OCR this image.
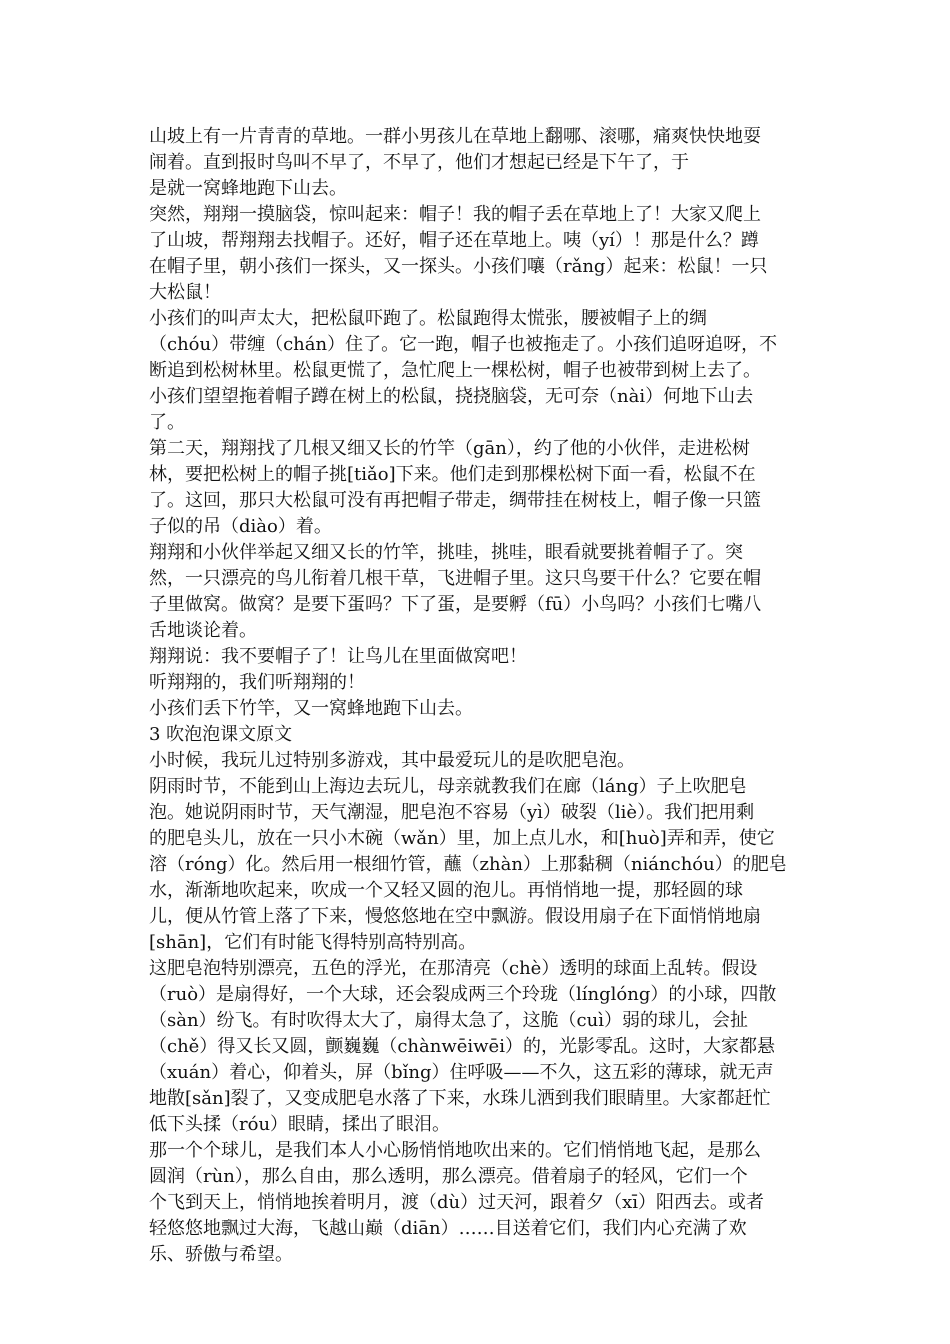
山坡上有一片青青的草地。一群小男孩儿在草地上翻哪、滚哪，痛爽快快地耍
闹着。直到报时鸟叫不早了，不早了，他们才想起已经是下午了，于

是就一窝蜂地跑下山去。

突然，翔翔一摸脑袋，惊叫起来：帽子！我的帽子丢在草地上了！大家又爬上
了山坡，帮翔翔去找帽子。还好，帽子还在草地上。咦（yí）！那是什么？蹲
在帽子里，朝小孩们一探头，又一探头。小孩们嚷（rǎng）起来：松鼠！一只
大松鼠！

小孩们的叫声太大，把松鼠吓跑了。松鼠跑得太慌张，腰被帽子上的绸
（chóu）带缠（chán）住了。它一跑，帽子也被拖走了。小孩们追呀追呀，不
断追到松树林里。松鼠更慌了，急忙爬上一棵松树，帽子也被带到树上去了。
小孩们望望拖着帽子蹲在树上的松鼠，挠挠脑袋，无可奈（nài）何地下山去
了。

第二天，翔翔找了几根又细又长的竹竿（gān），约了他的小伙伴，走进松树
林，要把松树上的帽子挑[tiǎo]下来。他们走到那棵松树下面一看，松鼠不在
了。这回，那只大松鼠可没有再把帽子带走，绸带挂在树枝上，帽子像一只篮
子似的吊（diào）着。

翔翔和小伙伴举起又细又长的竹竿，挑哇，挑哇，眼看就要挑着帽子了。突
然，一只漂亮的鸟儿衔着几根干草，飞进帽子里。这只鸟要干什么？它要在帽
子里做窝。做窝？是要下蛋吗？下了蛋，是要孵（fū）小鸟吗？小孩们七嘴八
舌地谈论着。

翔翔说：我不要帽子了！让鸟儿在里面做窝吧！

听翔翔的，我们听翔翔的！

小孩们丢下竹竿，又一窝蜂地跑下山去。

3 吹泡泡课文原文

小时候，我玩儿过特别多游戏，其中最爱玩儿的是吹肥皂泡。

阴雨时节，不能到山上海边去玩儿，母亲就教我们在廊（láng）子上吹肥皂
泡。她说阴雨时节，天气潮湿，肥皂泡不容易（yì）破裂（liè）。我们把用剩
的肥皂头儿，放在一只小木碗（wǎn）里，加上点儿水，和[huò]弄和弄，使它
溶（róng）化。然后用一根细竹管，蘸（zhàn）上那黏稠（niánchóu）的肥皂
水，渐渐地吹起来，吹成一个又轻又圆的泡儿。再悄悄地一提，那轻圆的球
儿，便从竹管上落了下来，慢悠悠地在空中飘游。假设用扇子在下面悄悄地扇
[shān]，它们有时能飞得特别高特别高。

这肥皂泡特别漂亮，五色的浮光，在那清亮（chè）透明的球面上乱转。假设
（ruò）是扇得好，一个大球，还会裂成两三个玲珑（línglóng）的小球，四散
（sàn）纷飞。有时吹得太大了，扇得太急了，这脆（cuì）弱的球儿，会扯
（chě）得又长又圆，颤巍巍（chànwēiwēi）的，光影零乱。这时，大家都悬
（xuán）着心，仰着头，屏（bǐng）住呼吸——不久，这五彩的薄球，就无声
地散[sǎn]裂了，又变成肥皂水落了下来，水珠儿洒到我们眼睛里。大家都赶忙
低下头揉（róu）眼睛，揉出了眼泪。

那一个个球儿，是我们本人小心肠悄悄地吹出来的。它们悄悄地飞起，是那么
圆润（rùn），那么自由，那么透明，那么漂亮。借着扇子的轻风，它们一个
个飞到天上，悄悄地挨着明月，渡（dù）过天河，跟着夕（xī）阳西去。或者
轻悠悠地飘过大海，飞越山巅（diān）……目送着它们，我们内心充满了欢
乐、骄傲与希望。
